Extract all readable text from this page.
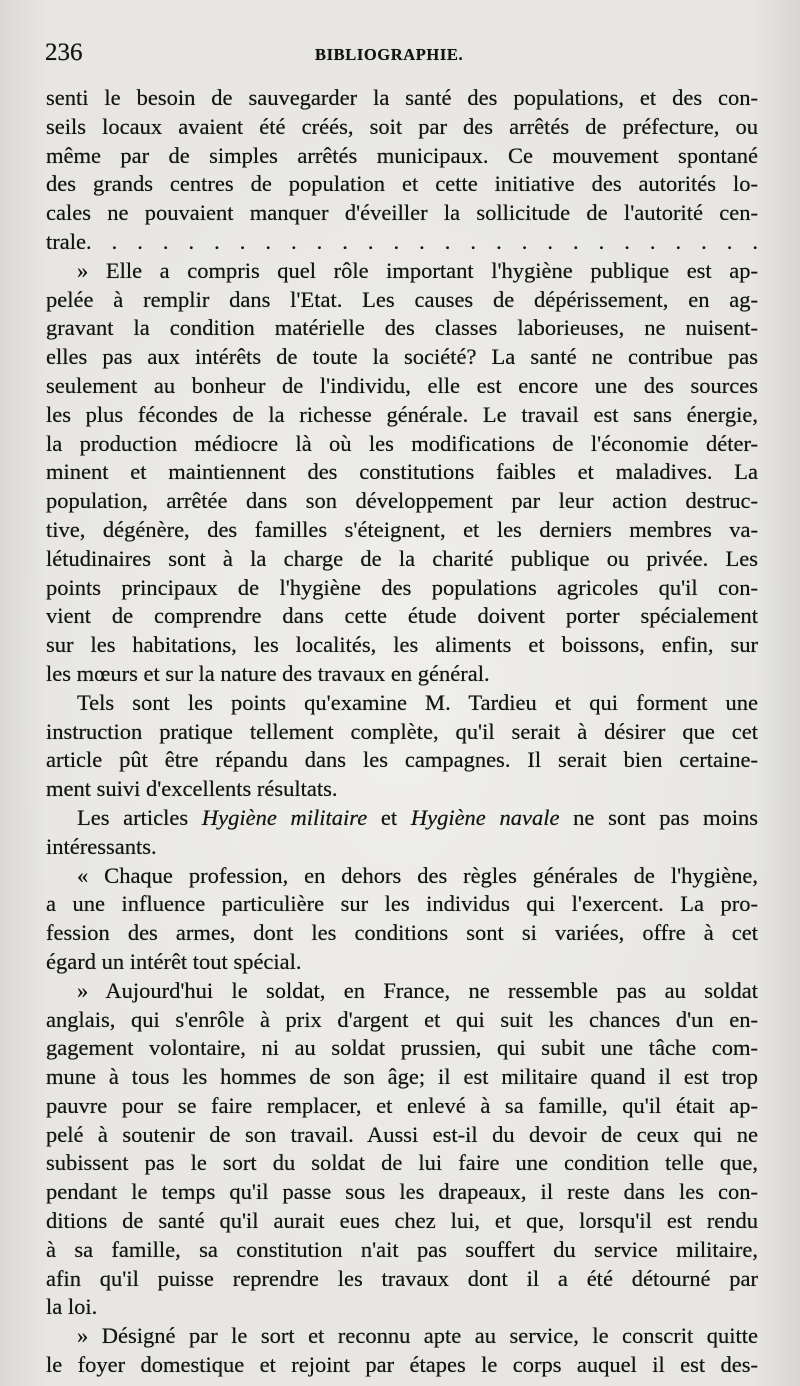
236	BIBLIOGRAPHIE.
senti le besoin de sauvegarder la santé des populations, et des con-
seils locaux avaient été créés, soit par des arrêtés de préfecture, ou
même par de simples arrêtés municipaux. Ce mouvement spontané
des grands centres de population et cette initiative des autorités lo-
cales ne pouvaient manquer d'éveiller la sollicitude de l'autorité cen-
trale. . . . . . . . . . . . . . . . . . . . . . . . . . .
» Elle a compris quel rôle important l'hygiène publique est ap-
pelée à remplir dans l'Etat. Les causes de dépérissement, en ag-
gravant la condition matérielle des classes laborieuses, ne nuisent-
elles pas aux intérêts de toute la société? La santé ne contribue pas
seulement au bonheur de l'individu, elle est encore une des sources
les plus fécondes de la richesse générale. Le travail est sans énergie,
la production médiocre là où les modifications de l'économie déter-
minent et maintiennent des constitutions faibles et maladives. La
population, arrêtée dans son développement par leur action destruc-
tive, dégénère, des familles s'éteignent, et les derniers membres va-
létudinaires sont à la charge de la charité publique ou privée. Les
points principaux de l'hygiène des populations agricoles qu'il con-
vient de comprendre dans cette étude doivent porter spécialement
sur les habitations, les localités, les aliments et boissons, enfin, sur
les mœurs et sur la nature des travaux en général.
Tels sont les points qu'examine M. Tardieu et qui forment une
instruction pratique tellement complète, qu'il serait à désirer que cet
article pût être répandu dans les campagnes. Il serait bien certaine-
ment suivi d'excellents résultats.
Les articles Hygiène militaire et Hygiène navale ne sont pas moins
intéressants.
« Chaque profession, en dehors des règles générales de l'hygiène,
a une influence particulière sur les individus qui l'exercent. La pro-
fession des armes, dont les conditions sont si variées, offre à cet
égard un intérêt tout spécial.
» Aujourd'hui le soldat, en France, ne ressemble pas au soldat
anglais, qui s'enrôle à prix d'argent et qui suit les chances d'un en-
gagement volontaire, ni au soldat prussien, qui subit une tâche com-
mune à tous les hommes de son âge; il est militaire quand il est trop
pauvre pour se faire remplacer, et enlevé à sa famille, qu'il était ap-
pelé à soutenir de son travail. Aussi est-il du devoir de ceux qui ne
subissent pas le sort du soldat de lui faire une condition telle que,
pendant le temps qu'il passe sous les drapeaux, il reste dans les con-
ditions de santé qu'il aurait eues chez lui, et que, lorsqu'il est rendu
à sa famille, sa constitution n'ait pas souffert du service militaire,
afin qu'il puisse reprendre les travaux dont il a été détourné par
la loi.
» Désigné par le sort et reconnu apte au service, le conscrit quitte
le foyer domestique et rejoint par étapes le corps auquel il est des-
